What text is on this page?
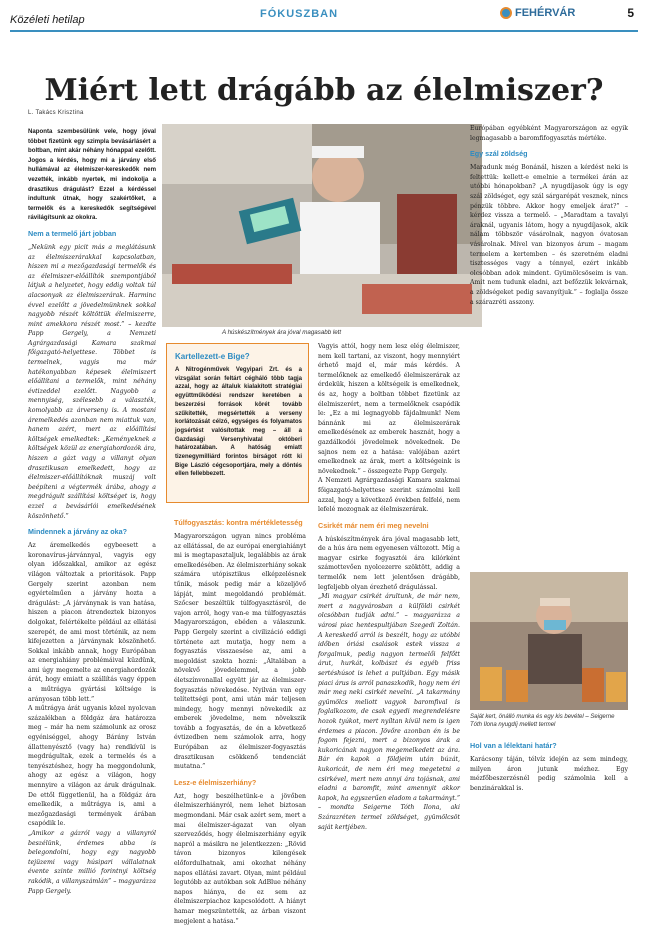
Közéleti hetilap	FÓKUSZBAN	FEHÉRVÁR	5
Miért lett drágább az élelmiszer?
L. Takács Krisztina

Naponta szembesülünk vele, hogy jóval többet fizetünk egy szimpla bevásárlásért a boltban, mint akár néhány hónappal ezelőtt. Jogos a kérdés, hogy mi a járvány első hullámával az élelmiszer-kereskedők nem vezették, inkább nyertek, mi indokolja a drasztikus drágulást? Ezzel a kérdéssel indultunk útnak, hogy szakértőket, a termelők és a kereskedők segítségével rávilágítsunk az okokra.

Nem a termelő járt jobban

„Nekünk egy picit más a meglátásunk az élelmiszerárakkal kapcsolatban, hiszen mi a mezőgazdasági termelők és az élelmiszer-előállítók szempontjából látjuk a helyzetet, hogy eddig voltak túl alacsonyak az élelmiszerárak. Harminc évvel ezelőtt a jövedelmünknek sokkal nagyobb részét költöttük élelmiszerre, mint amekkora részét most.” – kezdte Papp Gergely, a Nemzeti Agrárgazdasági Kamara szakmai főigazgató-helyettese. Többet is termelnek, vagyis ma már hatékonyabban képesek élelmiszert előállítani a termelők, mint néhány évtizeddel ezelőtt. Nagyobb a mennyiség, szélesebb a választék, komolyabb az árverseny is. A mostani áremelkedés azonban nem miattuk van, hanem azért, mert az előállítási költségek emelkedtek: „Keményeknek a költségek közül az energiahordozók ára, hiszen a gázt vagy a villanyt olyan drasztikusan emelkedett, hogy az élelmiszer-előállítóknak muszáj volt beépíteni a végtermék árába, ahogy a megdrágult szállítási költséget is, hogy ezzel a bevásárlói emelkedésének köszönhető.”

Mindennek a járvány az oka?

Az áremelkedés egybeesett a koronavírus-járvánnyal, vagyis egy olyan időszakkal, amikor az egész világon változtak a prioritások. Papp Gergely szerint azonban nem egyértelműen a járvány hozta a drágulást: „A járványnak is van hatása, hiszen a piacon átrendeztek bizonyos dolgokat, felértékelte például az ellátási szerepét, de ami most történik, az nem kifejezetten a járványnak köszönhető. Sokkal inkább annak, hogy Európában az energiahiány problémáival küzdünk, ami úgy megemelte az energiahordozók árát, hogy emiatt a szállítás vagy éppen a műtrágya gyártási költsége is arányosan több lett.”

A műtrágya árát ugyanis közel nyolcvan százalékban a földgáz ára határozza meg – már ha nem számolunk az orosz egyéniséggel, ahogy Bárány István állattenyésztő (vagy ha) rendkívül is megdrágultak, ezek a termelés és a tenyésztéshez, hogy ha meggondolunk, ahogy az egész a világon, hogy mennyire a világon az áruk drágulnak. De ettől függetlenül, ha a földgáz ára emelkedik, a műtrágya is, ami a mezőgazdasági termények árában csapódik le.

„Amikor a gázról vagy a villanyról beszélünk, érdemes abba is belegondolni, hogy egy nagyobb tejüzemi vagy húsipari vállalatnak évente szinte millió forintnyi költség rakódik, a villanyszámlán” – magyarázza Papp Gergely.

A húskészítmények ára jóval magasabb lett
Kartellezett-e Bige?

A Nitrogénművek Vegyipari Zrt. és a vizsgálat során feltárt cégháló több tagja azzal, hogy az általuk kialakított stratégiai együttműködési rendszer keretében a beszerzési források körét tovább szűkítették, megsértették a verseny korlátozását célzó, egységes és folyamatos jogsértést valósítottak meg – áll a Gazdasági Versenyhivatal októberi határozatában. A hatóság emiatt tizenegymilliárd forintos bírságot rótt ki Bige László cégcsoportjára, mely a döntés ellen fellebbezett.

Túlfogyasztás: kontra mértékletesség

Magyarországon ugyan nincs probléma az ellátással, de az európai energiahiányt mi is megtapasztaljuk, legalábbis az árak emelkedésében. Az élelmiszerhiány sokak számára utópisztikus elképzelésnek tűnik, mások pedig már a közeljövő lápját, mint megoldandó problémát. Szőcser beszéltük túlfogyasztásról, de vajon arról, hogy van-e ma túlfogyasztás Magyarországon, ebéden a válaszunk. Papp Gergely szerint a civilizáció eddigi története azt mutatja, hogy nem a fogyasztás visszaesése az, ami a megoldást szokta hozni: „Általában a növekvő jövedelemmel, a jobb életszínvonallal együtt jár az élelmiszer-fogyasztás növekedése. Nyilván van egy telítettségi pont, ami után már teljesen mindegy, hogy mennyi növekedik az emberek jövedelme, nem növekszik tovább a fogyasztás, de én a következő évtizedben nem számolok arra, hogy Európában az élelmiszer-fogyasztás drasztikusan csökkenő tendenciát mutatna.”

Lesz-e élelmiszerhiány?

Azt, hogy beszélhetünk-e a jövőben élelmiszerhiányról, nem lehet biztosan megmondani. Már csak azért sem, mert a mai élelmiszer-ágazat van olyan szerveződés, hogy élelmiszerhiány egyik napról a másikra ne jelentkezzen: „Rövid távon bizonyos kilengések előfordulhatnak, ami okozhat néhány napos ellátási zavart. Olyan, mint például legutóbb az autókban sok AdBlue néhány napos hiánya, de ez sem az élelmiszerpiachoz kapcsolódott. A hiányt hamar megszüntették, az árban viszont megjelent a hatása.”

Vagyis attól, hogy nem lesz elég élelmiszer, nem kell tartani, az viszont, hogy mennyiért érhető majd el, már más kérdés. A termelőknek az emelkedő élelmiszerárak az érdekük, hiszen a költségeik is emelkednek, és az, hogy a boltban többet fizetünk az élelmiszerért, nem a termelőknek csapódik le: „Ez a mi legnagyobb fájdalmunk! Nem bánnánk mi az élelmiszerárak emelkedésének az emberek hasznát, hogy a gazdálkodói jövedelmek növekednek. De sajnos nem ez a hatása: valójában azért emelkednek az árak, mert a költségeink is növekednek.” – összegezte Papp Gergely.

A Nemzeti Agrárgazdasági Kamara szakmai főigazgató-helyettese szerint számolni kell azzal, hogy a következő években felfelé, nem lefelé mozognak az élelmiszerárak.

Csirkét már nem éri meg nevelni

A húskészítmények ára jóval magasabb lett, de a hús ára nem egyenesen változott. Míg a magyar csirke fogyasztói ára kilórként számottevően nyolcezerre szöktött, addig a termelők nem lett jelentősen drágább, legfeljebb olyan érezhető drágulással.

„Mi magyar csirkét árultunk, de már nem, mert a nagyvárosban a külföldi csirkét olcsóbban tudják adni.” – magyarázza a városi piac hentespultjában Szegedi Zoltán. A kereskedő arról is beszélt, hogy az utóbbi időben óriási csalások estek vissza a forgalmuk, pedig nagyon termelői felfőtt árut, hurkát, kolbászt és egyéb friss sertéshúsot is lehet a pultjában. Egy másik piaci árus is arról panaszkodik, hogy nem éri már meg neki csirkét nevelni. „A takarmány gyümölcs meliott vagyok baromfival is foglalkozom, de csak egyedi megrendelésre hozok tyúkot, mert nyíltan kívül nem is igen érdemes a piacon. Jövőre azonban én is be fogom fejezni, mert a bizonyos árak a kukoricának nagyon megemelkedett az ára. Bár én kapok a földjeim után búzát, kukoricát, de nem éri meg megetetni a csirkével, mert nem annyi ára tojásnak, ami eladni a baromfit, mint amennyit akkor kapok, ha egyszerűen eladom a takarmányt.” – mondta Seigerne Tóth Ilona, aki Szárazréten termel zöldséget, gyümölcsöt saját kertjében.

Európában egyébként Magyarországon az egyik legmagasabb a baromfifogyasztás mértéke.

Egy szál zöldség

Maradunk még Bonánál, hiszen a kérdést neki is feltettük: kellett-e emelnie a termékei árán az utóbbi hónapokban? „A nyugdíjasok úgy is egy szál zöldséget, egy szál sárgarépát vesznek, nincs pénzük többre. Akkor hogy emeljek árat?” – kérdez vissza a termelő. – „Maradtam a tavalyi áraknál, ugyanis látom, hogy a nyugdíjasok, akik nálam többször vásárolnak, nagyon óvatosan vásárolnak. Mivel van bizonyos árum – magam termelem a kertemben – és szeretném eladni tisztességes vagy a ténnyel, ezért inkább olcsóbban adok mindent. Gyümölcsöseim is van. Amit nem tudunk eladni, azt befőzzük lekvárnak, a zöldségeket pedig savanyítjuk.” – foglalja össze a szárazréti asszony.

Saját kert, önálló munka és egy kis bevétel – Seigerne Tóth Ilona nyugdíj mellett termel
Hol van a lélektani határ?

Karácsony táján, télvíz idején az sem mindegy, milyen áron jutunk mézhez. Egy mézfőbeszerzésnél pedig számolnia kell a benzinárakkal is.
